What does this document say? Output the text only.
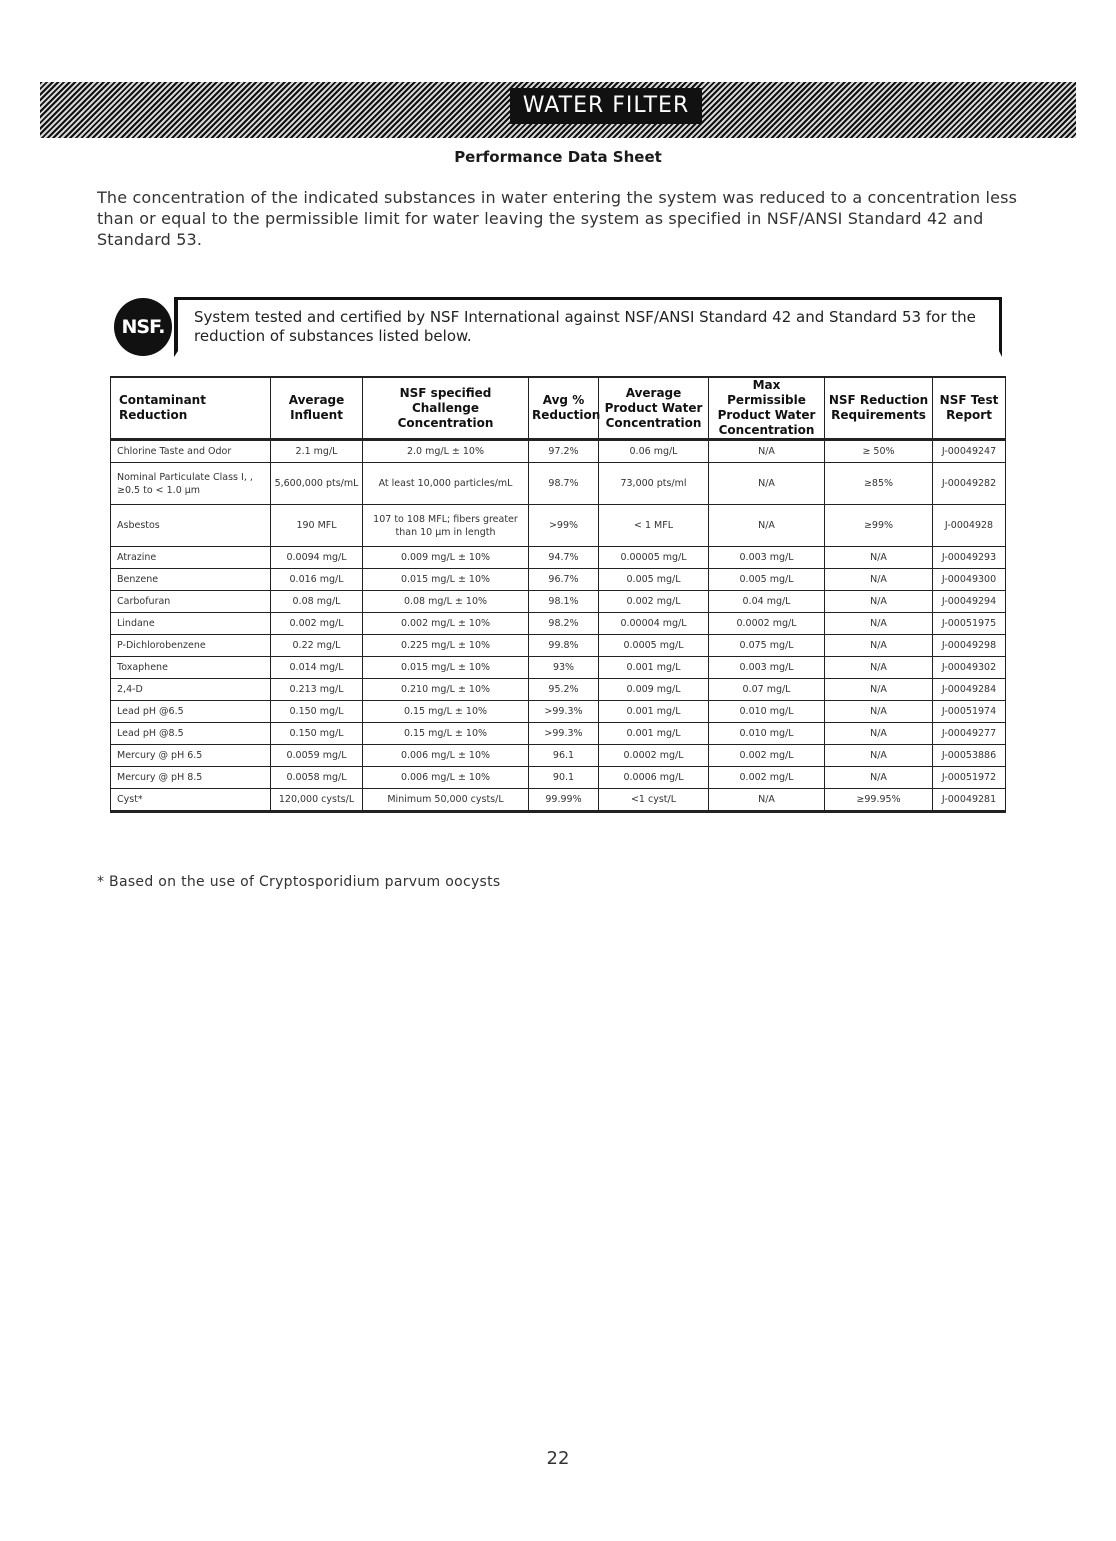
WATER FILTER
Performance Data Sheet
The concentration of the indicated substances in water entering the system was reduced to a concentration less than or equal to the permissible limit for water leaving the system as specified in NSF/ANSI Standard 42 and Standard 53.
NSF.	System tested and certified by NSF International against NSF/ANSI Standard 42 and Standard 53 for the reduction of substances listed below.
Contaminant Reduction	Average Influent	NSF specified Challenge Concentration	Avg % Reduction	Average Product Water Concentration	Max Permissible Product Water Concentration	NSF Reduction Requirements	NSF Test Report
Chlorine Taste and Odor	2.1 mg/L	2.0 mg/L ± 10%	97.2%	0.06 mg/L	N/A	≥ 50%	J-00049247
Nominal Particulate Class I, , ≥0.5 to < 1.0 µm	5,600,000 pts/mL	At least 10,000 particles/mL	98.7%	73,000 pts/ml	N/A	≥85%	J-00049282
Asbestos	190 MFL	107 to 108 MFL; fibers greater than 10 µm in length	>99%	< 1 MFL	N/A	≥99%	J-0004928
Atrazine	0.0094 mg/L	0.009 mg/L ± 10%	94.7%	0.00005 mg/L	0.003 mg/L	N/A	J-00049293
Benzene	0.016 mg/L	0.015 mg/L ± 10%	96.7%	0.005 mg/L	0.005 mg/L	N/A	J-00049300
Carbofuran	0.08 mg/L	0.08 mg/L ± 10%	98.1%	0.002 mg/L	0.04 mg/L	N/A	J-00049294
Lindane	0.002 mg/L	0.002 mg/L ± 10%	98.2%	0.00004 mg/L	0.0002 mg/L	N/A	J-00051975
P-Dichlorobenzene	0.22 mg/L	0.225 mg/L ± 10%	99.8%	0.0005 mg/L	0.075 mg/L	N/A	J-00049298
Toxaphene	0.014 mg/L	0.015 mg/L ± 10%	93%	0.001 mg/L	0.003 mg/L	N/A	J-00049302
2,4-D	0.213 mg/L	0.210 mg/L ± 10%	95.2%	0.009 mg/L	0.07 mg/L	N/A	J-00049284
Lead pH @6.5	0.150 mg/L	0.15 mg/L ± 10%	>99.3%	0.001 mg/L	0.010 mg/L	N/A	J-00051974
Lead pH @8.5	0.150 mg/L	0.15 mg/L ± 10%	>99.3%	0.001 mg/L	0.010 mg/L	N/A	J-00049277
Mercury @ pH 6.5	0.0059 mg/L	0.006 mg/L ± 10%	96.1	0.0002 mg/L	0.002 mg/L	N/A	J-00053886
Mercury @ pH 8.5	0.0058 mg/L	0.006 mg/L ± 10%	90.1	0.0006 mg/L	0.002 mg/L	N/A	J-00051972
Cyst*	120,000 cysts/L	Minimum 50,000 cysts/L	99.99%	<1 cyst/L	N/A	≥99.95%	J-00049281
* Based on the use of Cryptosporidium parvum oocysts
22
